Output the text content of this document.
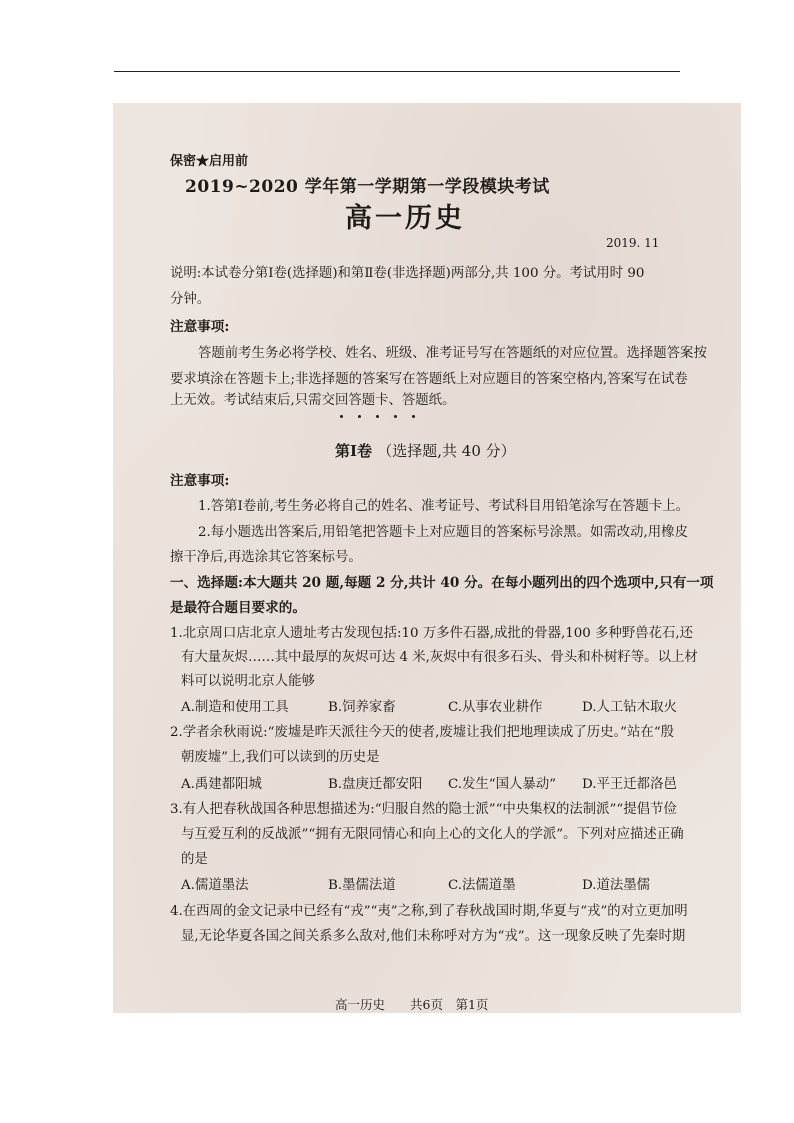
保密★启用前
2019~2020 学年第一学期第一学段模块考试
高一历史
2019. 11
说明:本试卷分第Ⅰ卷(选择题)和第Ⅱ卷(非选择题)两部分,共 100 分。考试用时 90
分钟。
注意事项:
答题前考生务必将学校、姓名、班级、准考证号写在答题纸的对应位置。选择题答案按
要求填涂在答题卡上;非选择题的答案写在答题纸上对应题目的答案空格内,答案写在试卷
上无效。考试结束后,只需交回答题卡、答题纸。
第Ⅰ卷 （选择题,共 40 分）
注意事项:
1.答第Ⅰ卷前,考生务必将自己的姓名、准考证号、考试科目用铅笔涂写在答题卡上。
2.每小题选出答案后,用铅笔把答题卡上对应题目的答案标号涂黑。如需改动,用橡皮
擦干净后,再选涂其它答案标号。
一、选择题:本大题共 20 题,每题 2 分,共计 40 分。在每小题列出的四个选项中,只有一项
是最符合题目要求的。
1.北京周口店北京人遗址考古发现包括:10 万多件石器,成批的骨器,100 多种野兽花石,还
有大量灰烬……其中最厚的灰烬可达 4 米,灰烬中有很多石头、骨头和朴树籽等。以上材
料可以说明北京人能够
A.制造和使用工具	B.饲养家畜	C.从事农业耕作	D.人工钻木取火
2.学者余秋雨说:“废墟是昨天派往今天的使者,废墟让我们把地理读成了历史。”站在“殷
朝废墟”上,我们可以读到的历史是
A.禹建都阳城	B.盘庚迁都安阳 C.发生“国人暴动” D.平王迁都洛邑
3.有人把春秋战国各种思想描述为:“归服自然的隐士派”“中央集权的法制派”“提倡节俭
与互爱互利的反战派”“拥有无限同情心和向上心的文化人的学派”。下列对应描述正确
的是
A.儒道墨法	B.墨儒法道	C.法儒道墨	D.道法墨儒
4.在西周的金文记录中已经有“戎”“夷”之称,到了春秋战国时期,华夏与“戎”的对立更加明
显,无论华夏各国之间关系多么敌对,他们未称呼对方为“戎”。这一现象反映了先秦时期
高一历史　　共6页　第1页
